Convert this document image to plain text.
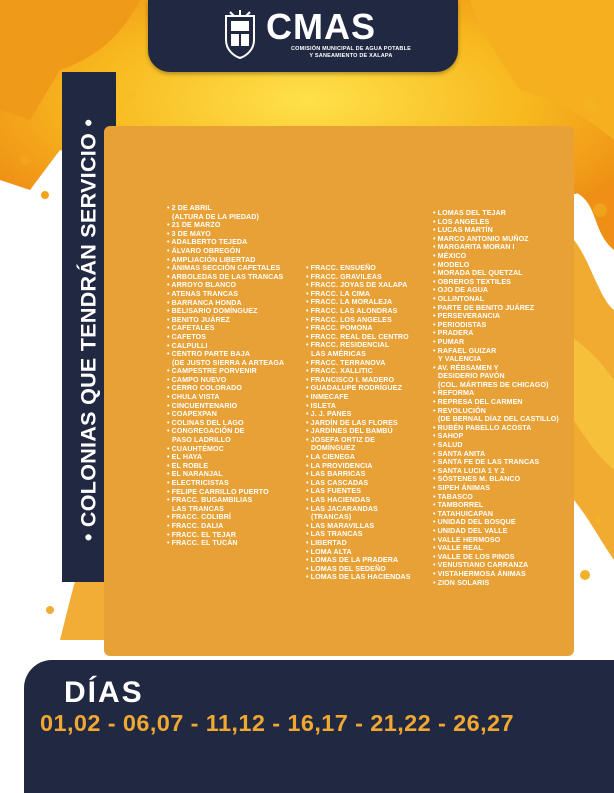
CMAS
COMISIÓN MUNICIPAL DE AGUA POTABLE
Y SANEAMIENTO DE XALAPA
• COLONIAS QUE TENDRÁN SERVICIO •
•	2 DE ABRIL
(ALTURA DE LA PIEDAD)
• 21 DE MARZO
• 3 DE MAYO
• ADALBERTO TEJEDA
• ÁLVARO OBREGÓN
• AMPLIACIÓN LIBERTAD
• ÁNIMAS SECCIÓN CAFETALES
• ARBOLEDAS DE LAS TRANCAS
• ARROYO BLANCO
• ATENAS TRANCAS
• BARRANCA HONDA
• BELISARIO DOMÍNGUEZ
• BENITO JUÁREZ
• CAFETALES
• CAFETOS
• CALPULLI
• CENTRO PARTE BAJA
(DE JUSTO SIERRA A ARTEAGA
• CAMPESTRE PORVENIR
• CAMPO NUEVO
• CERRO COLORADO
• CHULA VISTA
• CINCUENTENARIO
• COAPEXPAN
• COLINAS DEL LAGO
• CONGREGACIÓN DE
PASO LADRILLO
• CUAUHTÉMOC
• EL HAYA
• EL ROBLE
• EL NARANJAL
• ELECTRICISTAS
• FELIPE CARRILLO PUERTO
• FRACC. BUGAMBILIAS
LAS TRANCAS
• FRACC. COLIBRÍ
• FRACC. DALIA
• FRACC. EL TEJAR
• FRACC. EL TUCÁN
• FRACC. ENSUEÑO
• FRACC. GRAVILEAS
• FRACC. JOYAS DE XALAPA
• FRACC. LA CIMA
• FRACC. LA MORALEJA
• FRACC. LAS ALONDRAS
• FRACC. LOS ANGELES
• FRACC. POMONA
• FRACC. REAL DEL CENTRO
• FRACC. RESIDENCIAL
LAS AMÉRICAS
• FRACC. TERRANOVA
• FRACC. XALLITIC
• FRANCISCO I. MADERO
• GUADALUPE RODRÍGUEZ
• INMECAFE
• ISLETA
• J. J. PANES
• JARDÍN DE LAS FLORES
• JARDÍNES DEL BAMBÚ
• JOSEFA ORTIZ DE
DOMÍNGUEZ
• LA CIENEGA
• LA PROVIDENCIA
• LAS BARRICAS
• LAS CASCADAS
• LAS FUENTES
• LAS HACIENDAS
• LAS JACARANDAS
(TRANCAS)
• LAS MARAVILLAS
• LAS TRANCAS
• LIBERTAD
• LOMA ALTA
• LOMAS DE LA PRADERA
• LOMAS DEL SEDEÑO
• LOMAS DE LAS HACIENDAS
• LOMAS DEL TEJAR
• LOS ANGELES
• LUCAS MARTÍN
• MARCO ANTONIO MUÑOZ
• MARGARITA MORAN I
• MÉXICO
• MODELO
• MORADA DEL QUETZAL
• OBREROS TEXTILES
• OJO DE AGUA
• OLLINTONAL
• PARTE DE BENITO JUÁREZ
• PERSEVERANCIA
• PERIODISTAS
• PRADERA
• PUMAR
• RAFAEL GUIZAR
Y VALENCIA
• AV. RÉBSAMEN Y
DESIDERIO PAVÓN
(COL. MÁRTIRES DE CHICAGO)
• REFORMA
• REPRESA DEL CARMEN
• REVOLUCIÓN
(DE BERNAL DÍAZ DEL CASTILLO)
• RUBÉN PABELLO ACOSTA
• SAHOP
• SALUD
• SANTA ANITA
• SANTA FE DE LAS TRANCAS
• SANTA LUCIA 1 Y 2
• SÓSTENES M. BLANCO
• SIPEH ÁNIMAS
• TABASCO
• TAMBORREL
• TATAHUICAPAN
• UNIDAD DEL BOSQUE
• UNIDAD DEL VALLE
• VALLE HERMOSO
• VALLE REAL
• VALLE DE LOS PINOS
• VENUSTIANO CARRANZA
• VISTAHERMOSA ÁNIMAS
• ZION SOLARIS
DÍAS
01,02 - 06,07 - 11,12 - 16,17 - 21,22 - 26,27
